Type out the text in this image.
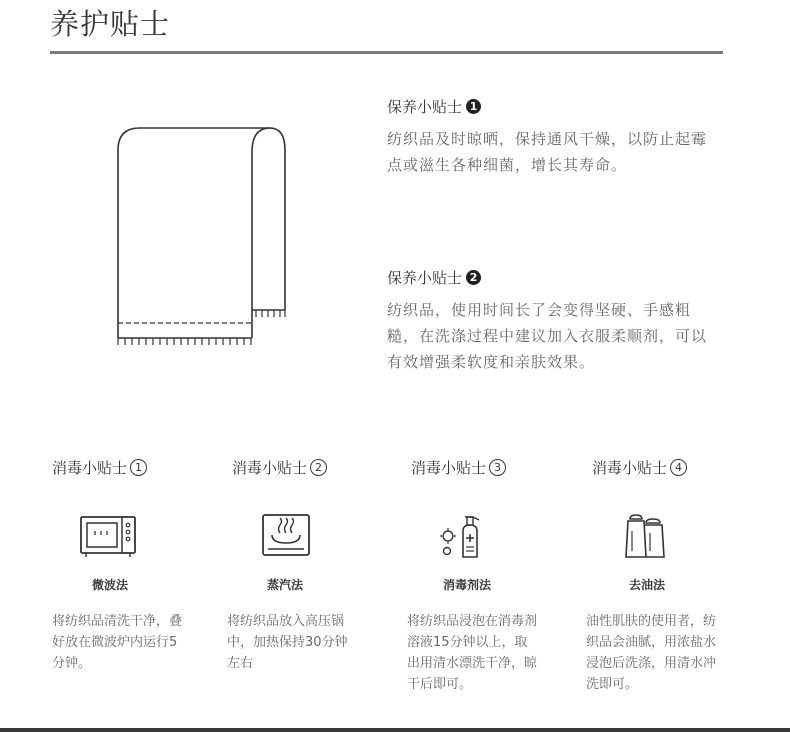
养护贴士
保养小贴士 1
纺织品及时晾晒，保持通风干燥，以防止起霉点或滋生各种细菌，增长其寿命。
保养小贴士 2
纺织品，使用时间长了会变得坚硬、手感粗糙，在洗涤过程中建议加入衣服柔顺剂，可以有效增强柔软度和亲肤效果。
消毒小贴士 1
微波法
将纺织品清洗干净，叠好放在微波炉内运行5分钟。
消毒小贴士 2
蒸汽法
将纺织品放入高压锅中，加热保持30分钟左右
消毒小贴士 3
消毒剂法
将纺织品浸泡在消毒剂溶液15分钟以上，取出用清水漂洗干净，晾干后即可。
消毒小贴士 4
去油法
油性肌肤的使用者，纺织品会油腻，用浓盐水浸泡后洗涤，用清水冲洗即可。
